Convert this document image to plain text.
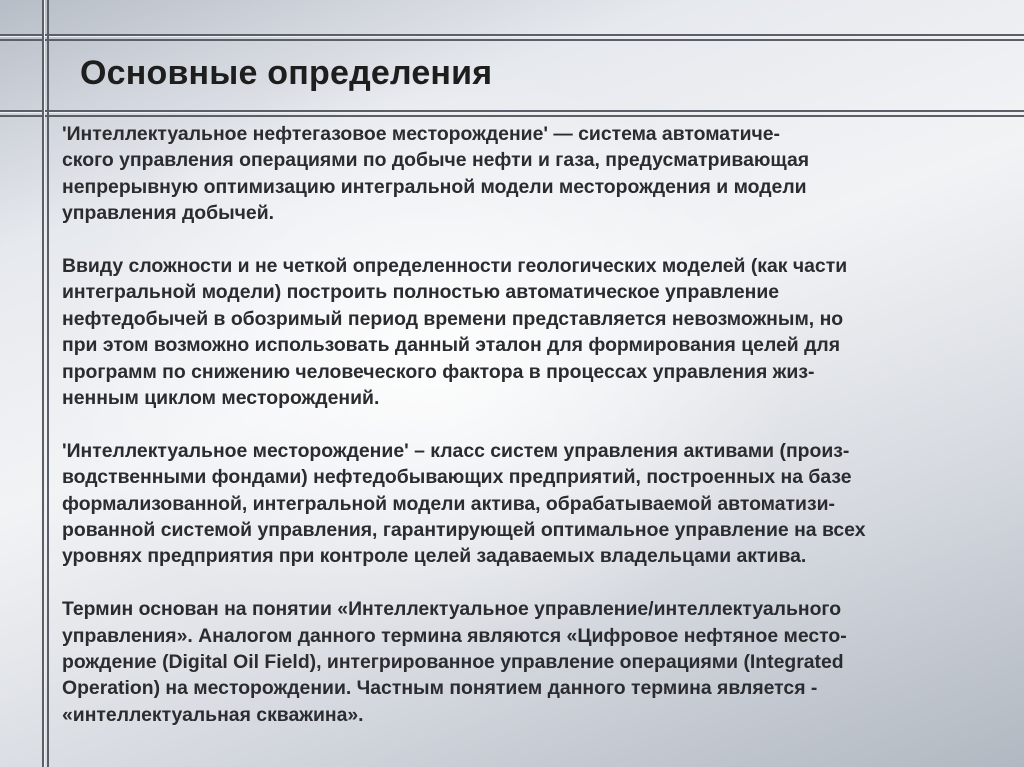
Основные определения

'Интеллектуальное нефтегазовое месторождение' — система автоматиче-
ского управления операциями по добыче нефти и газа, предусматривающая
непрерывную оптимизацию интегральной модели месторождения и модели
управления добычей.

Ввиду сложности и не четкой определенности геологических моделей (как части
интегральной модели) построить полностью автоматическое управление
нефтедобычей в обозримый период времени представляется невозможным, но
при этом возможно использовать данный эталон для формирования целей для
программ по снижению человеческого фактора в процессах управления жиз-
ненным циклом месторождений.

'Интеллектуальное месторождение' – класс систем управления активами (произ-
водственными фондами) нефтедобывающих предприятий, построенных на базе
формализованной, интегральной модели актива, обрабатываемой автоматизи-
рованной системой управления, гарантирующей оптимальное управление на всех
уровнях предприятия при контроле целей задаваемых владельцами актива.

Термин основан на понятии «Интеллектуальное управление/интеллектуального
управления». Аналогом данного термина являются «Цифровое нефтяное место-
рождение (Digital Oil Field), интегрированное управление операциями (Integrated
Operation) на месторождении. Частным понятием данного термина является -
«интеллектуальная скважина».
